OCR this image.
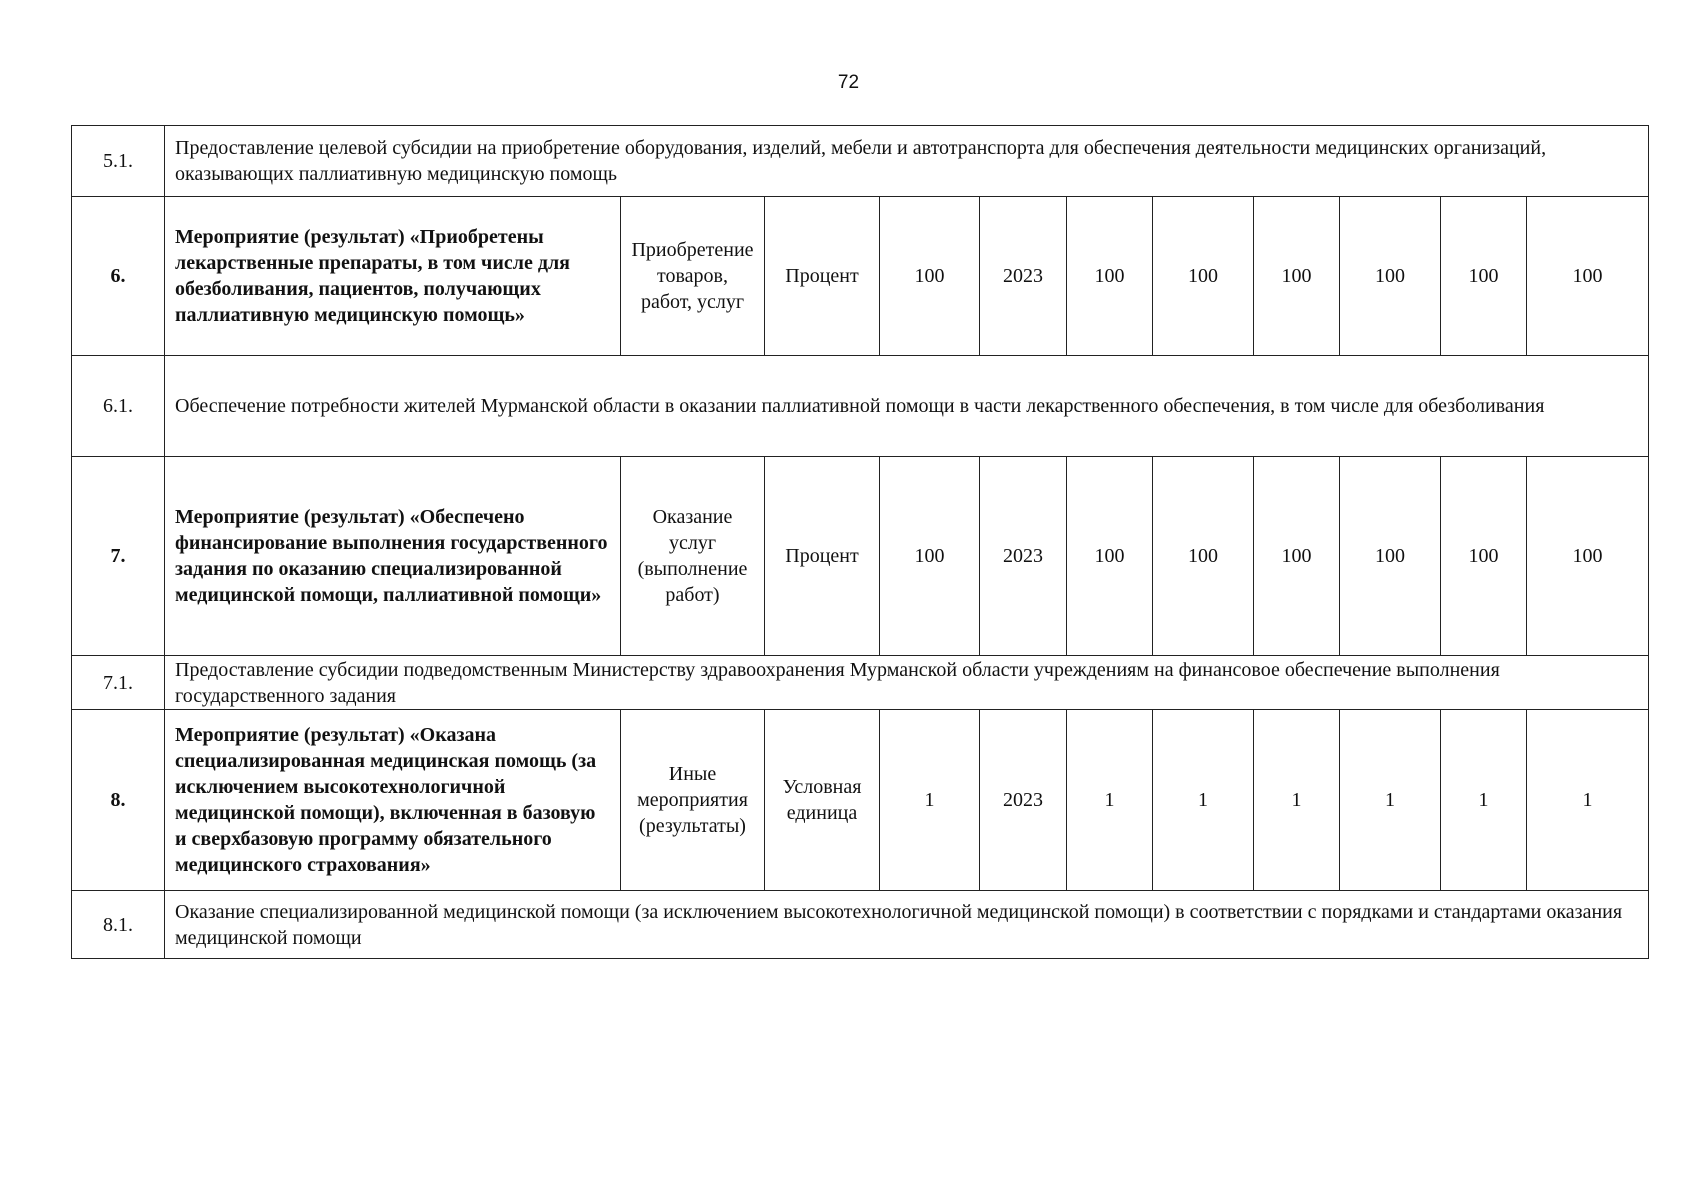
72
5.1.	Предоставление целевой субсидии на приобретение оборудования, изделий, мебели и автотранспорта для обеспечения деятельности медицинских организаций, оказывающих паллиативную медицинскую помощь										
6.	Мероприятие (результат) «Приобретены лекарственные препараты, в том числе для обезболивания, пациентов, получающих паллиативную медицинскую помощь»	Приобретение товаров, работ, услуг	Процент	100	2023	100	100	100	100	100	100
6.1.	Обеспечение потребности жителей Мурманской области в оказании паллиативной помощи в части лекарственного обеспечения, в том числе для обезболивания										
7.	Мероприятие (результат) «Обеспечено финансирование выполнения государственного задания по оказанию специализированной медицинской помощи, паллиативной помощи»	Оказание услуг (выполнение работ)	Процент	100	2023	100	100	100	100	100	100
7.1.	Предоставление субсидии подведомственным Министерству здравоохранения Мурманской области учреждениям на финансовое обеспечение выполнения государственного задания										
8.	Мероприятие (результат) «Оказана специализированная медицинская помощь (за исключением высокотехнологичной медицинской помощи), включенная в базовую и сверхбазовую программу обязательного медицинского страхования»	Иные мероприятия (результаты)	Условная единица	1	2023	1	1	1	1	1	1
8.1.	Оказание специализированной медицинской помощи (за исключением высокотехнологичной медицинской помощи) в соответствии с порядками и стандартами оказания медицинской помощи										
